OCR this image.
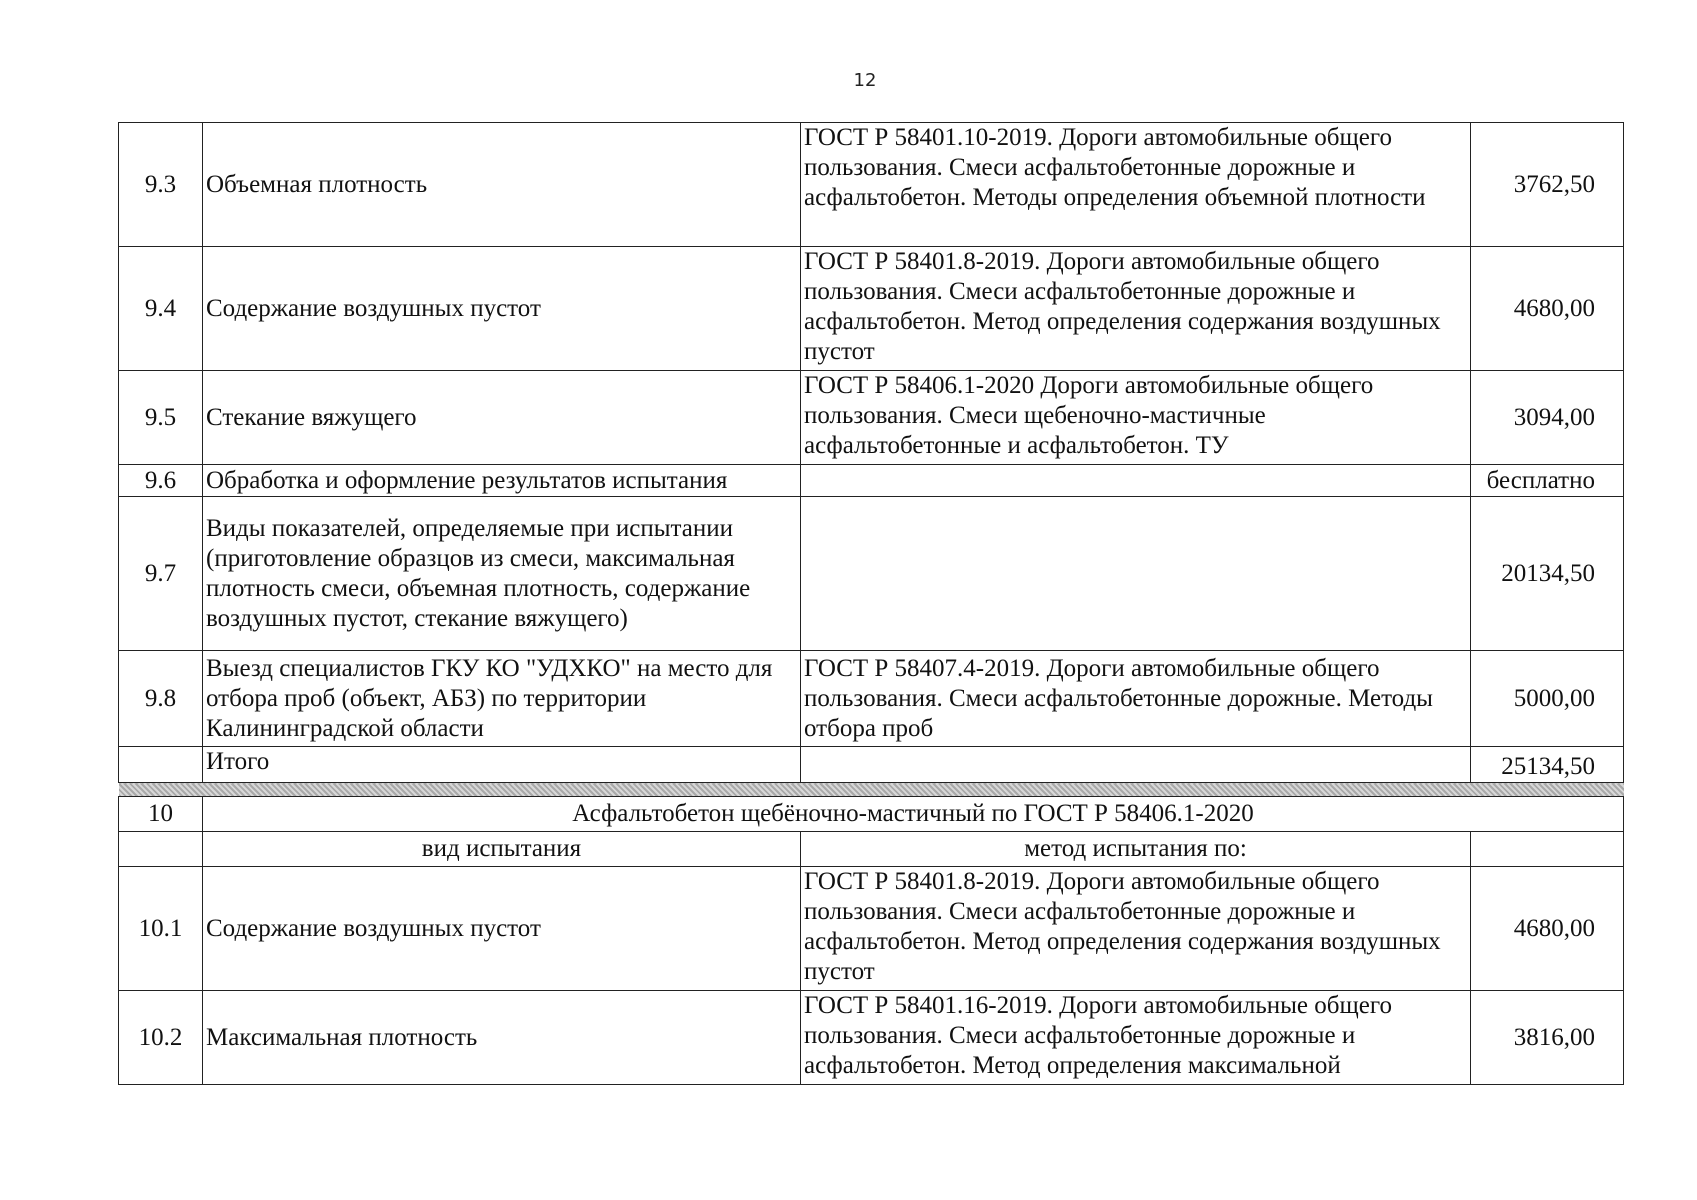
12
9.3	Объемная плотность	ГОСТ Р 58401.10-2019. Дороги автомобильные общего пользования. Смеси асфальтобетонные дорожные и асфальтобетон. Методы определения объемной плотности	3762,50
9.4	Содержание воздушных пустот	ГОСТ Р 58401.8-2019. Дороги автомобильные общего пользования. Смеси асфальтобетонные дорожные и асфальтобетон. Метод определения содержания воздушных пустот	4680,00
9.5	Стекание вяжущего	ГОСТ Р 58406.1-2020 Дороги автомобильные общего пользования. Смеси щебеночно-мастичные асфальтобетонные и асфальтобетон. ТУ	3094,00
9.6	Обработка и оформление результатов испытания		бесплатно
9.7	Виды показателей, определяемые при испытании (приготовление образцов из смеси, максимальная плотность смеси, объемная плотность, содержание воздушных пустот, стекание вяжущего)		20134,50
9.8	Выезд специалистов ГКУ КО "УДХКО" на место для отбора проб (объект, АБЗ) по территории Калининградской области	ГОСТ Р 58407.4-2019. Дороги автомобильные общего пользования. Смеси асфальтобетонные дорожные. Методы отбора проб	5000,00
	Итого		25134,50

10	Асфальтобетон щебёночно-мастичный по ГОСТ Р 58406.1-2020		
	вид испытания	метод испытания по:	
10.1	Содержание воздушных пустот	ГОСТ Р 58401.8-2019. Дороги автомобильные общего пользования. Смеси асфальтобетонные дорожные и асфальтобетон. Метод определения содержания воздушных пустот	4680,00
10.2	Максимальная плотность	ГОСТ Р 58401.16-2019. Дороги автомобильные общего пользования. Смеси асфальтобетонные дорожные и асфальтобетон. Метод определения максимальной	3816,00
